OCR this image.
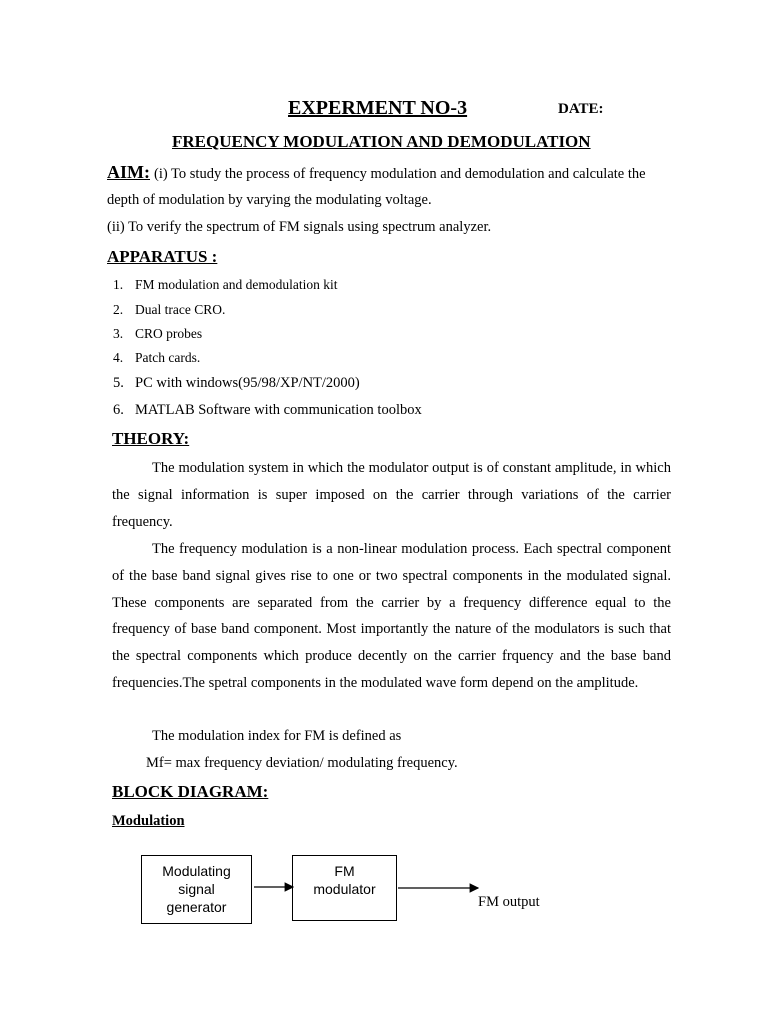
EXPERMENT NO-3	DATE:
FREQUENCY MODULATION AND DEMODULATION
AIM: (i) To study the process of frequency modulation and demodulation and calculate the
depth of modulation by varying the modulating voltage.
(ii) To verify the spectrum of FM signals using spectrum analyzer.
APPARATUS :
1. FM modulation and demodulation kit
2. Dual trace CRO.
3. CRO probes
4. Patch cards.
5. PC with windows(95/98/XP/NT/2000)
6. MATLAB Software with communication toolbox
THEORY:
The modulation system in which the modulator output is of constant amplitude, in which the signal information is super imposed on the carrier through variations of the carrier frequency.
The frequency modulation is a non-linear modulation process. Each spectral component of the base band signal gives rise to one or two spectral components in the modulated signal. These components are separated from the carrier by a frequency difference equal to the frequency of base band component. Most importantly the nature of the modulators is such that the spectral components which produce decently on the carrier frquency and the base band frequencies.The spetral components in the modulated wave form depend on the amplitude.
The modulation index for FM is defined as
Mf= max frequency deviation/ modulating frequency.
BLOCK DIAGRAM:
Modulation
Modulating signal generator
FM modulator
FM output
